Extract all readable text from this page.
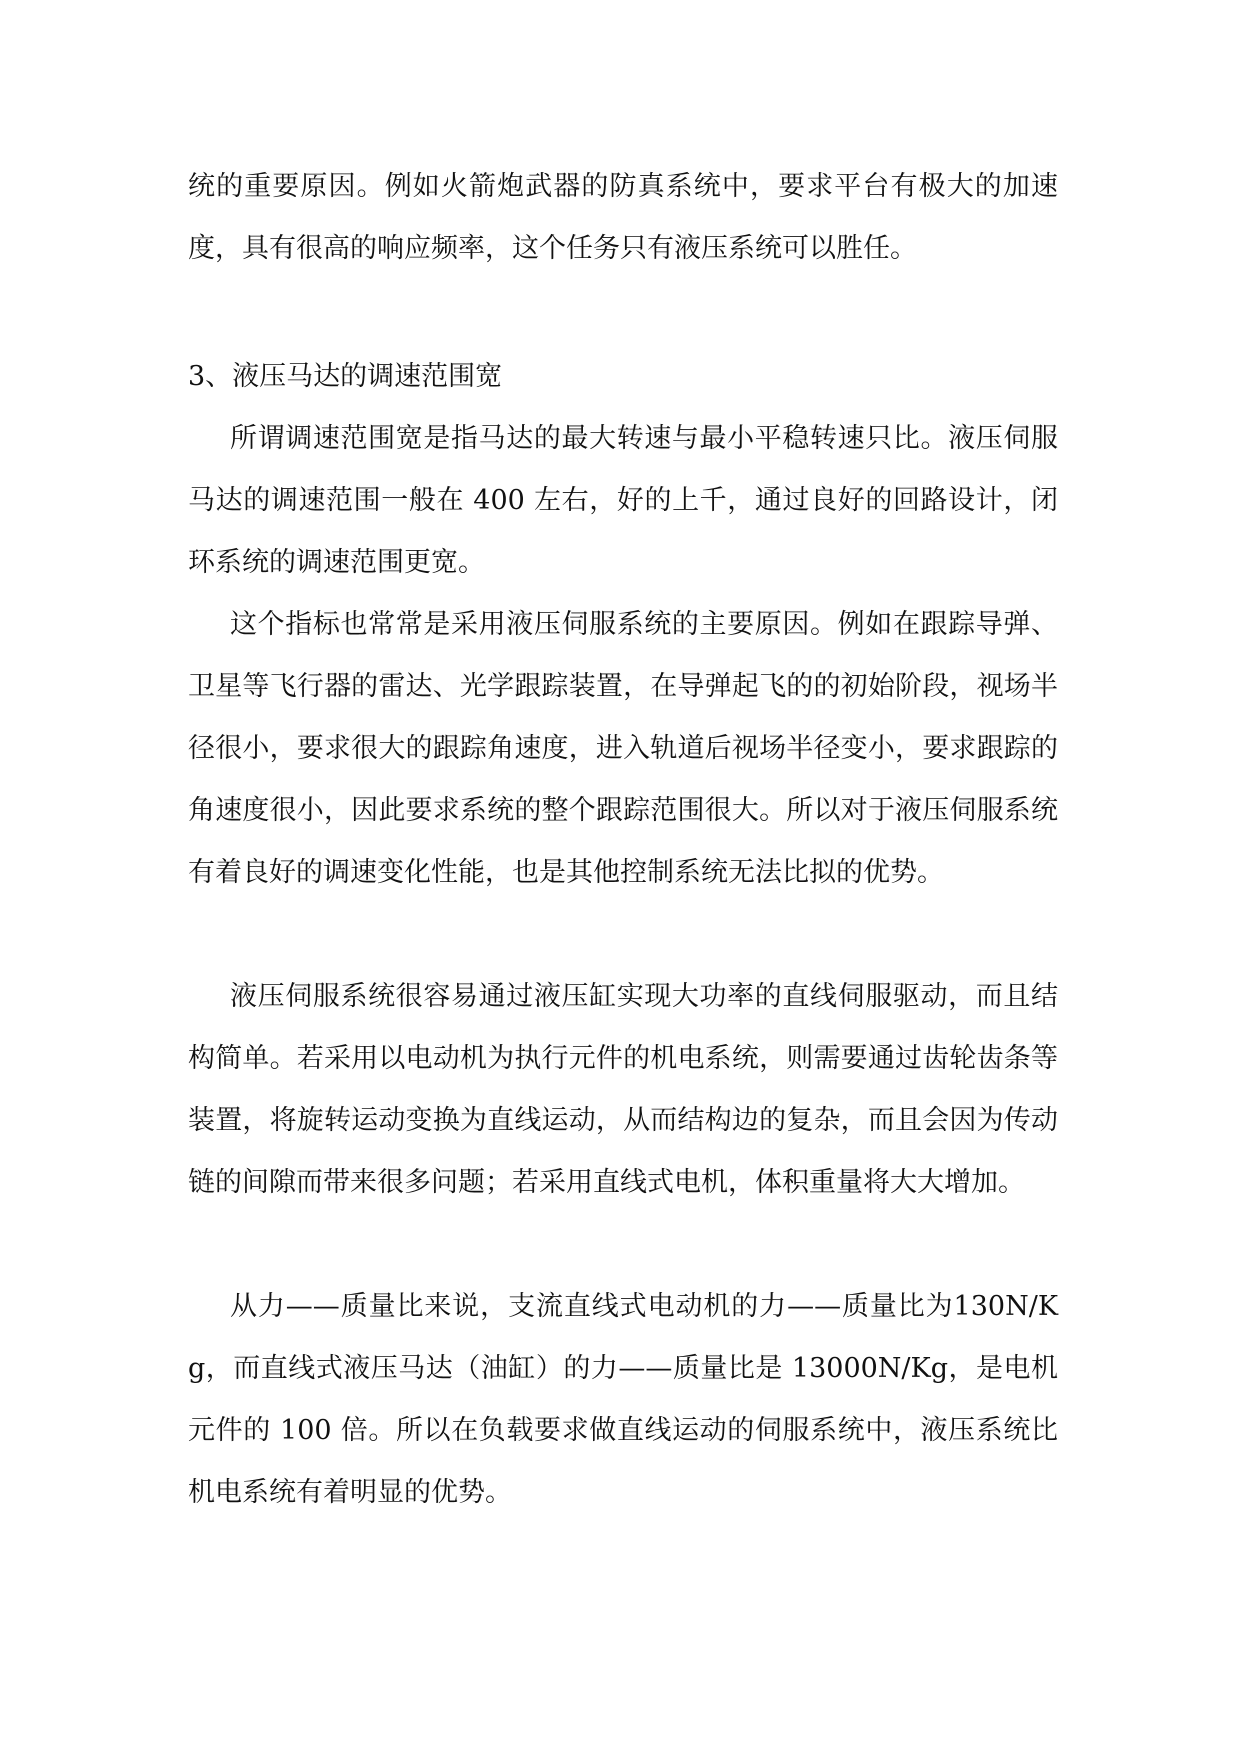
统的重要原因。例如火箭炮武器的防真系统中，要求平台有极大的加速度，具有很高的响应频率，这个任务只有液压系统可以胜任。

3、液压马达的调速范围宽

所谓调速范围宽是指马达的最大转速与最小平稳转速只比。液压伺服马达的调速范围一般在 400 左右，好的上千，通过良好的回路设计，闭环系统的调速范围更宽。

这个指标也常常是采用液压伺服系统的主要原因。例如在跟踪导弹、卫星等飞行器的雷达、光学跟踪装置，在导弹起飞的的初始阶段，视场半径很小，要求很大的跟踪角速度，进入轨道后视场半径变小，要求跟踪的角速度很小，因此要求系统的整个跟踪范围很大。所以对于液压伺服系统有着良好的调速变化性能，也是其他控制系统无法比拟的优势。

液压伺服系统很容易通过液压缸实现大功率的直线伺服驱动，而且结构简单。若采用以电动机为执行元件的机电系统，则需要通过齿轮齿条等装置，将旋转运动变换为直线运动，从而结构边的复杂，而且会因为传动链的间隙而带来很多问题；若采用直线式电机，体积重量将大大增加。

从力——质量比来说，支流直线式电动机的力——质量比为130N/Kg，而直线式液压马达（油缸）的力——质量比是 13000N/Kg，是电机元件的 100 倍。所以在负载要求做直线运动的伺服系统中，液压系统比机电系统有着明显的优势。
